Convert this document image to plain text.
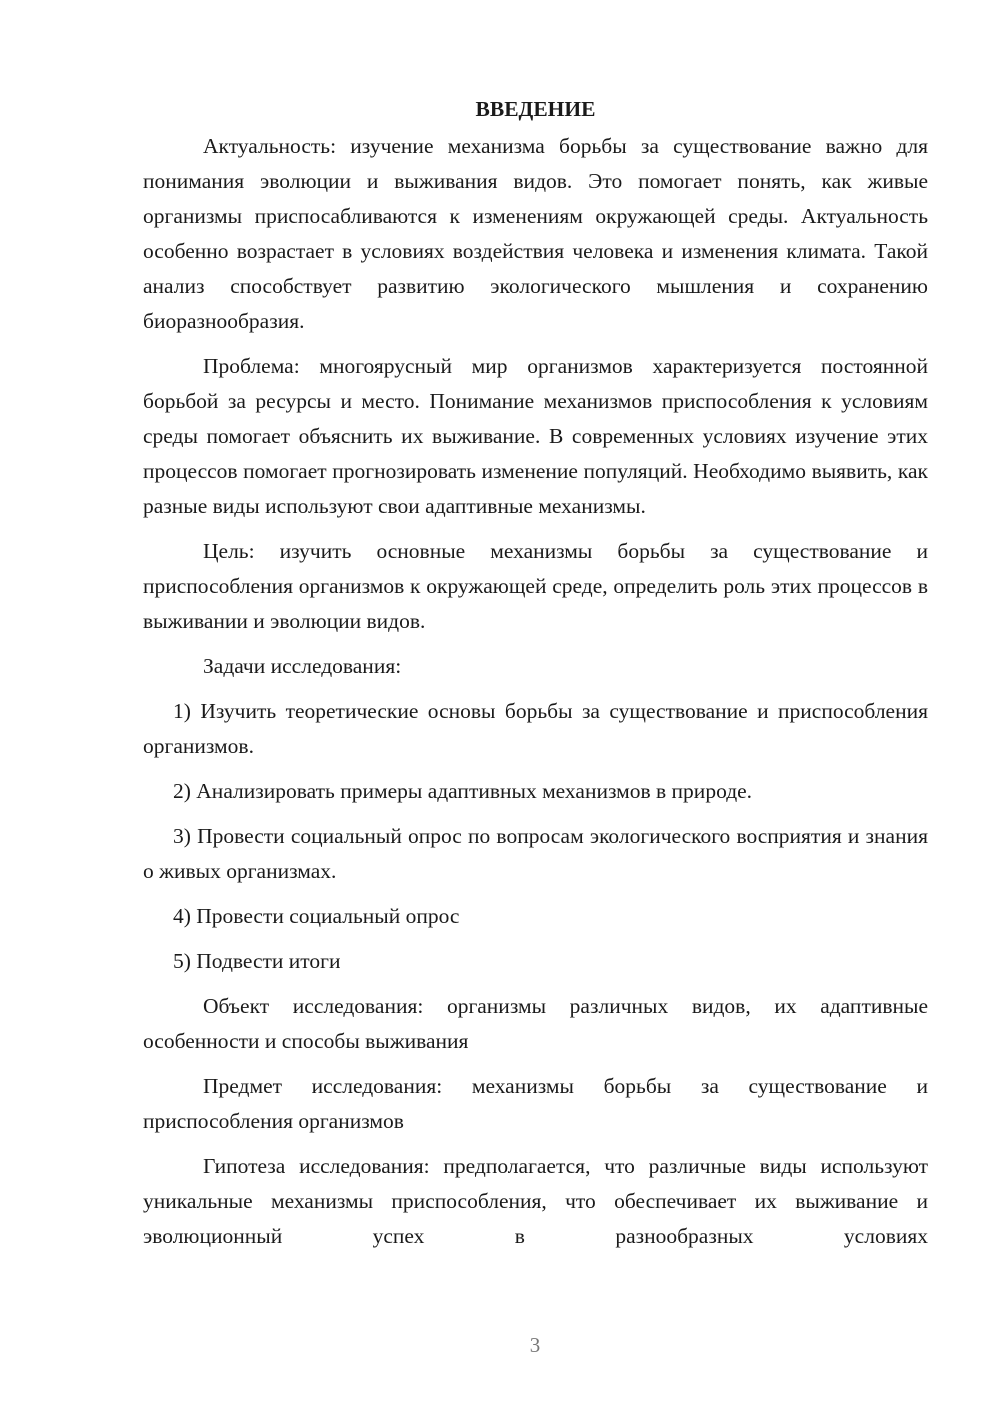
ВВЕДЕНИЕ

Актуальность: изучение механизма борьбы за существование важно для понимания эволюции и выживания видов. Это помогает понять, как живые организмы приспосабливаются к изменениям окружающей среды. Актуальность особенно возрастает в условиях воздействия человека и изменения климата. Такой анализ способствует развитию экологического мышления и сохранению биоразнообразия.

Проблема: многоярусный мир организмов характеризуется постоянной борьбой за ресурсы и место. Понимание механизмов приспособления к условиям среды помогает объяснить их выживание. В современных условиях изучение этих процессов помогает прогнозировать изменение популяций. Необходимо выявить, как разные виды используют свои адаптивные механизмы.

Цель: изучить основные механизмы борьбы за существование и приспособления организмов к окружающей среде, определить роль этих процессов в выживании и эволюции видов.

Задачи исследования:

1) Изучить теоретические основы борьбы за существование и приспособления организмов.

2) Анализировать примеры адаптивных механизмов в природе.

3) Провести социальный опрос по вопросам экологического восприятия и знания о живых организмах.

4) Провести социальный опрос

5) Подвести итоги

Объект исследования: организмы различных видов, их адаптивные особенности и способы выживания

Предмет исследования: механизмы борьбы за существование и приспособления организмов

Гипотеза исследования: предполагается, что различные виды используют уникальные механизмы приспособления, что обеспечивает их выживание и эволюционный успех в разнообразных условиях

3
